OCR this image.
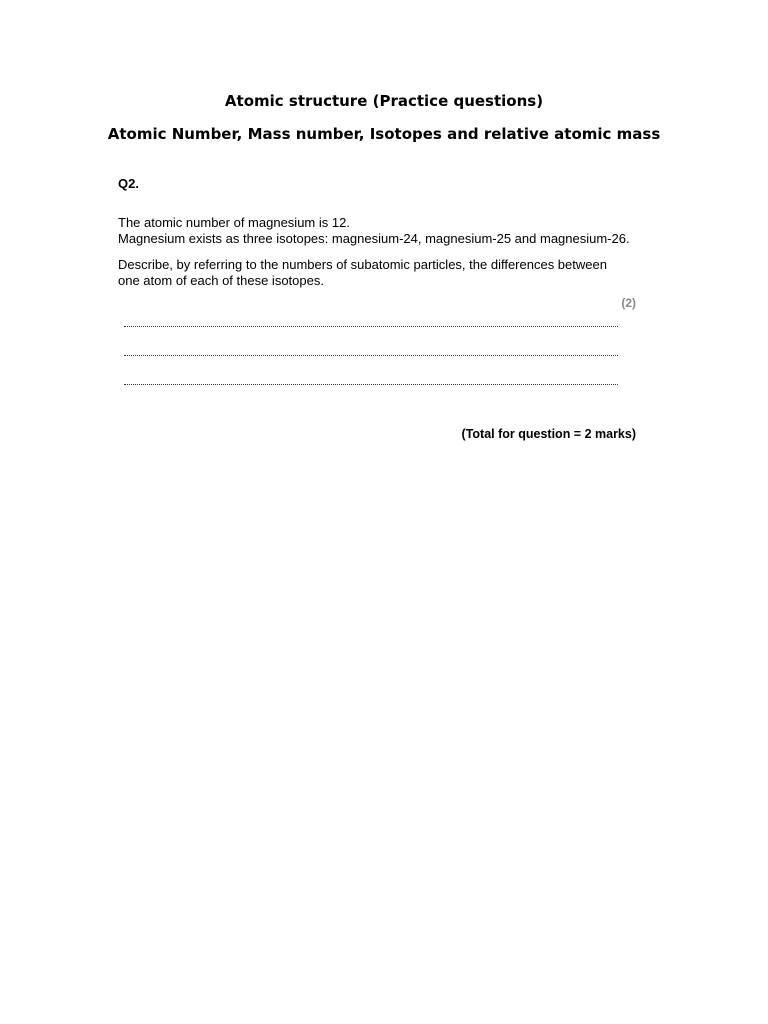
Atomic structure (Practice questions)
Atomic Number, Mass number, Isotopes and relative atomic mass
Q2.

The atomic number of magnesium is 12.
Magnesium exists as three isotopes: magnesium-24, magnesium-25 and magnesium-26.

Describe, by referring to the numbers of subatomic particles, the differences between one atom of each of these isotopes.

(2)
(Total for question = 2 marks)
